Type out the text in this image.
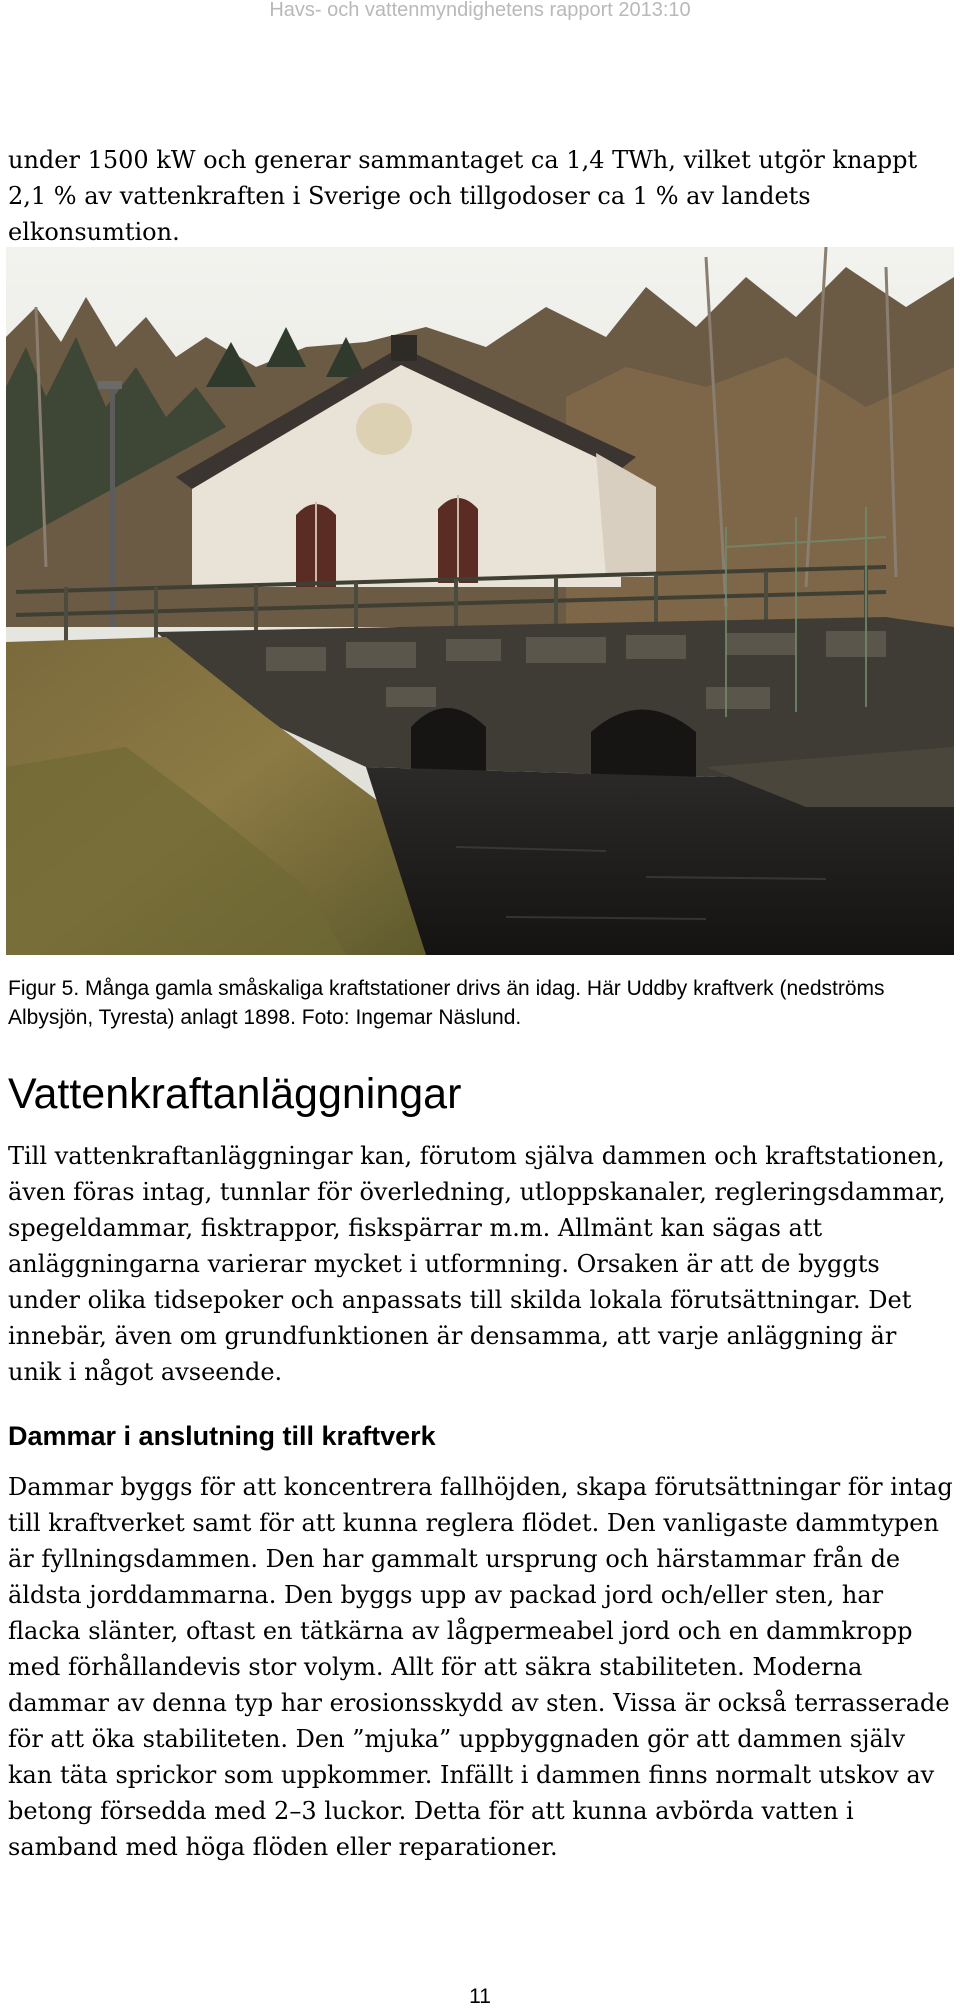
Havs- och vattenmyndighetens rapport 2013:10

under 1500 kW och generar sammantaget ca 1,4 TWh, vilket utgör knappt 2,1 % av vattenkraften i Sverige och tillgodoser ca 1 % av landets elkonsumtion.

Figur 5. Många gamla småskaliga kraftstationer drivs än idag. Här Uddby kraftverk (nedströms Albysjön, Tyresta) anlagt 1898. Foto: Ingemar Näslund.

Vattenkraftanläggningar

Till vattenkraftanläggningar kan, förutom själva dammen och kraftstationen, även föras intag, tunnlar för överledning, utloppskanaler, regleringsdammar, spegeldammar, fisktrappor, fiskspärrar m.m. Allmänt kan sägas att anläggningarna varierar mycket i utformning. Orsaken är att de byggts under olika tidsepoker och anpassats till skilda lokala förutsättningar. Det innebär, även om grundfunktionen är densamma, att varje anläggning är unik i något avseende.

Dammar i anslutning till kraftverk

Dammar byggs för att koncentrera fallhöjden, skapa förutsättningar för intag till kraftverket samt för att kunna reglera flödet. Den vanligaste dammtypen är fyllningsdammen. Den har gammalt ursprung och härstammar från de äldsta jorddammarna. Den byggs upp av packad jord och/eller sten, har flacka slänter, oftast en tätkärna av lågpermeabel jord och en dammkropp med förhållandevis stor volym. Allt för att säkra stabiliteten. Moderna dammar av denna typ har erosionsskydd av sten. Vissa är också terrasserade för att öka stabiliteten. Den ”mjuka” uppbyggnaden gör att dammen själv kan täta sprickor som uppkommer. Infällt i dammen finns normalt utskov av betong försedda med 2–3 luckor. Detta för att kunna avbörda vatten i samband med höga flöden eller reparationer.

11
